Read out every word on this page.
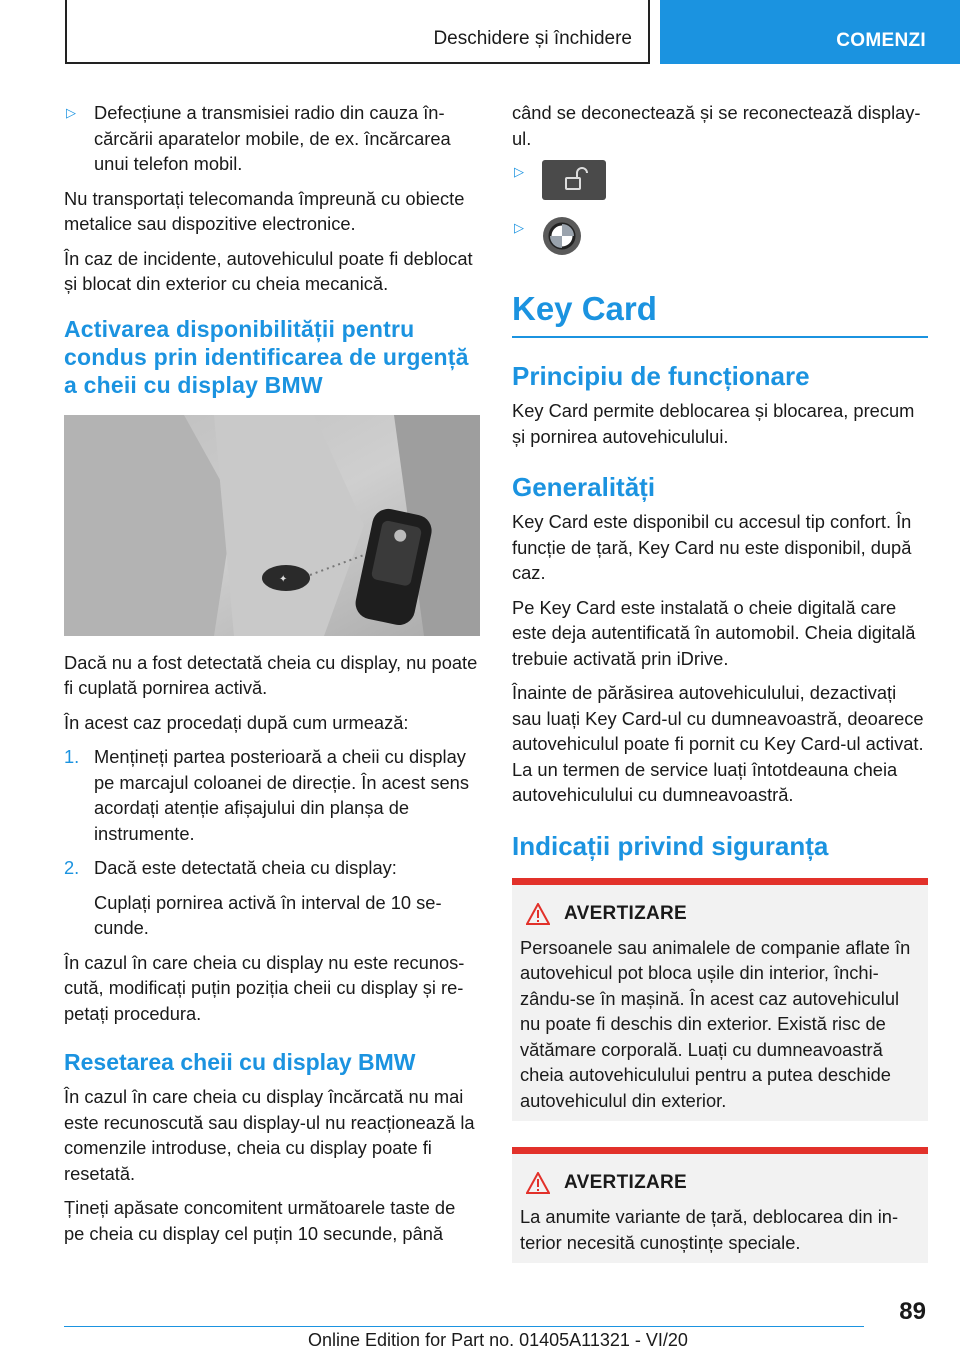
Deschidere și închidere	COMENZI
▷ Defecțiune a transmisiei radio din cauza încărcării aparatelor mobile, de ex. încărcarea unui telefon mobil.

Nu transportați telecomanda împreună cu obiecte metalice sau dispozitive electronice.

În caz de incidente, autovehiculul poate fi deblocat și blocat din exterior cu cheia mecanică.

Activarea disponibilității pentru condus prin identificarea de urgență a cheii cu display BMW
✦

Dacă nu a fost detectată cheia cu display, nu poate fi cuplată pornirea activă.

În acest caz procedați după cum urmează:

1. Mențineți partea posterioară a cheii cu display pe marcajul coloanei de direcție. În acest sens acordați atenție afișajului din planșa de instrumente.
2. Dacă este detectată cheia cu display:

Cuplați pornirea activă în interval de 10 secunde.

În cazul în care cheia cu display nu este recunoscută, modificați puțin poziția cheii cu display și repetați procedura.

Resetarea cheii cu display BMW

În cazul în care cheia cu display încărcată nu mai este recunoscută sau display-ul nu reacționează la comenzile introduse, cheia cu display poate fi resetată.

Țineți apăsate concomitent următoarele taste de pe cheia cu display cel puțin 10 secunde, până

când se deconectează și se reconectează display-ul.

▷
▷
Key Card
Principiu de funcționare

Key Card permite deblocarea și blocarea, precum și pornirea autovehiculului.

Generalități

Key Card este disponibil cu accesul tip confort. În funcție de țară, Key Card nu este disponibil, după caz.

Pe Key Card este instalată o cheie digitală care este deja autentificată în automobil. Cheia digitală trebuie activată prin iDrive.

Înainte de părăsirea autovehiculului, dezactivați sau luați Key Card-ul cu dumneavoastră, deoarece autovehiculul poate fi pornit cu Key Card-ul activat. La un termen de service luați întotdeauna cheia autovehiculului cu dumneavoastră.

Indicații privind siguranța
AVERTIZARE

Persoanele sau animalele de companie aflate în autovehicul pot bloca ușile din interior, închizându-se în mașină. În acest caz autovehiculul nu poate fi deschis din exterior. Există risc de vătămare corporală. Luați cu dumneavoastră cheia autovehiculului pentru a putea deschide autovehiculul din exterior.

AVERTIZARE

La anumite variante de țară, deblocarea din interior necesită cunoștințe speciale.

89
Online Edition for Part no. 01405A11321 - VI/20
